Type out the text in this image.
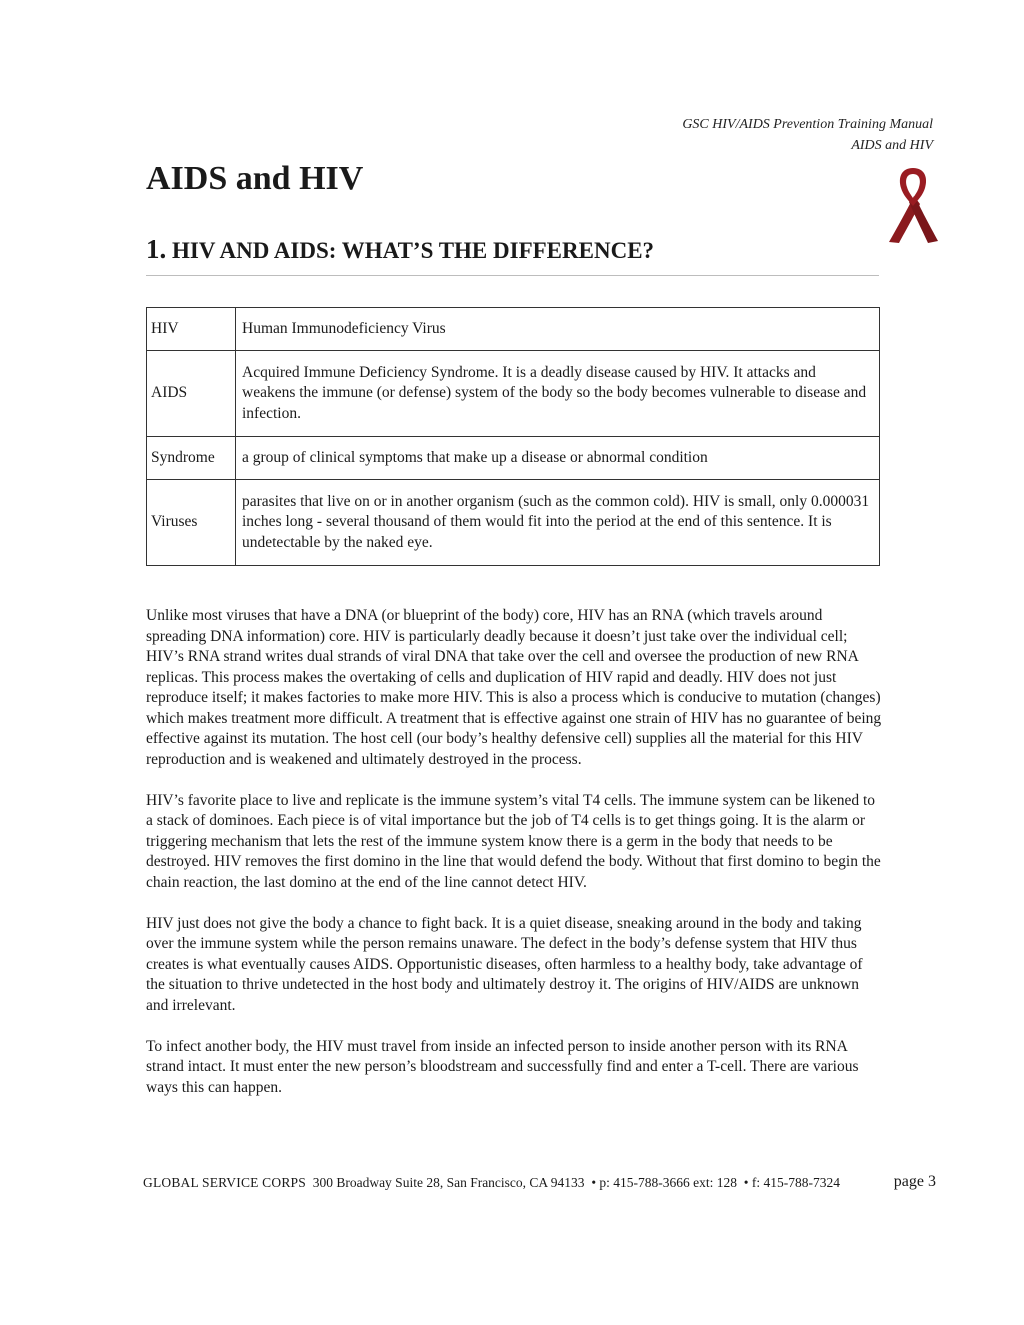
GSC HIV/AIDS Prevention Training Manual
AIDS and HIV
AIDS and HIV
1. HIV AND AIDS: WHAT’S THE DIFFERENCE?
HIV	Human Immunodeficiency Virus
AIDS	Acquired Immune Deficiency Syndrome. It is a deadly disease caused by HIV. It attacks and weakens the immune (or defense) system of the body so the body becomes vulnerable to disease and infection.
Syndrome	a group of clinical symptoms that make up a disease or abnormal condition
Viruses	parasites that live on or in another organism (such as the common cold). HIV is small, only 0.000031 inches long - several thousand of them would fit into the period at the end of this sentence. It is undetectable by the naked eye.

Unlike most viruses that have a DNA (or blueprint of the body) core, HIV has an RNA (which travels around spreading DNA information) core. HIV is particularly deadly because it doesn’t just take over the individual cell; HIV’s RNA strand writes dual strands of viral DNA that take over the cell and oversee the production of new RNA replicas. This process makes the overtaking of cells and duplication of HIV rapid and deadly. HIV does not just reproduce itself; it makes factories to make more HIV. This is also a process which is conducive to mutation (changes) which makes treatment more difficult. A treatment that is effective against one strain of HIV has no guarantee of being effective against its mutation. The host cell (our body’s healthy defensive cell) supplies all the material for this HIV reproduction and is weakened and ultimately destroyed in the process.

HIV’s favorite place to live and replicate is the immune system’s vital T4 cells. The immune system can be likened to a stack of dominoes. Each piece is of vital importance but the job of T4 cells is to get things going. It is the alarm or triggering mechanism that lets the rest of the immune system know there is a germ in the body that needs to be destroyed. HIV removes the first domino in the line that would defend the body. Without that first domino to begin the chain reaction, the last domino at the end of the line cannot detect HIV.

HIV just does not give the body a chance to fight back. It is a quiet disease, sneaking around in the body and taking over the immune system while the person remains unaware. The defect in the body’s defense system that HIV thus creates is what eventually causes AIDS. Opportunistic diseases, often harmless to a healthy body, take advantage of the situation to thrive undetected in the host body and ultimately destroy it. The origins of HIV/AIDS are unknown and irrelevant.

To infect another body, the HIV must travel from inside an infected person to inside another person with its RNA strand intact. It must enter the new person’s bloodstream and successfully find and enter a T-cell. There are various ways this can happen.

GLOBAL SERVICE CORPS 300 Broadway Suite 28, San Francisco, CA 94133 • p: 415-788-3666 ext: 128 • f: 415-788-7324	page 3
